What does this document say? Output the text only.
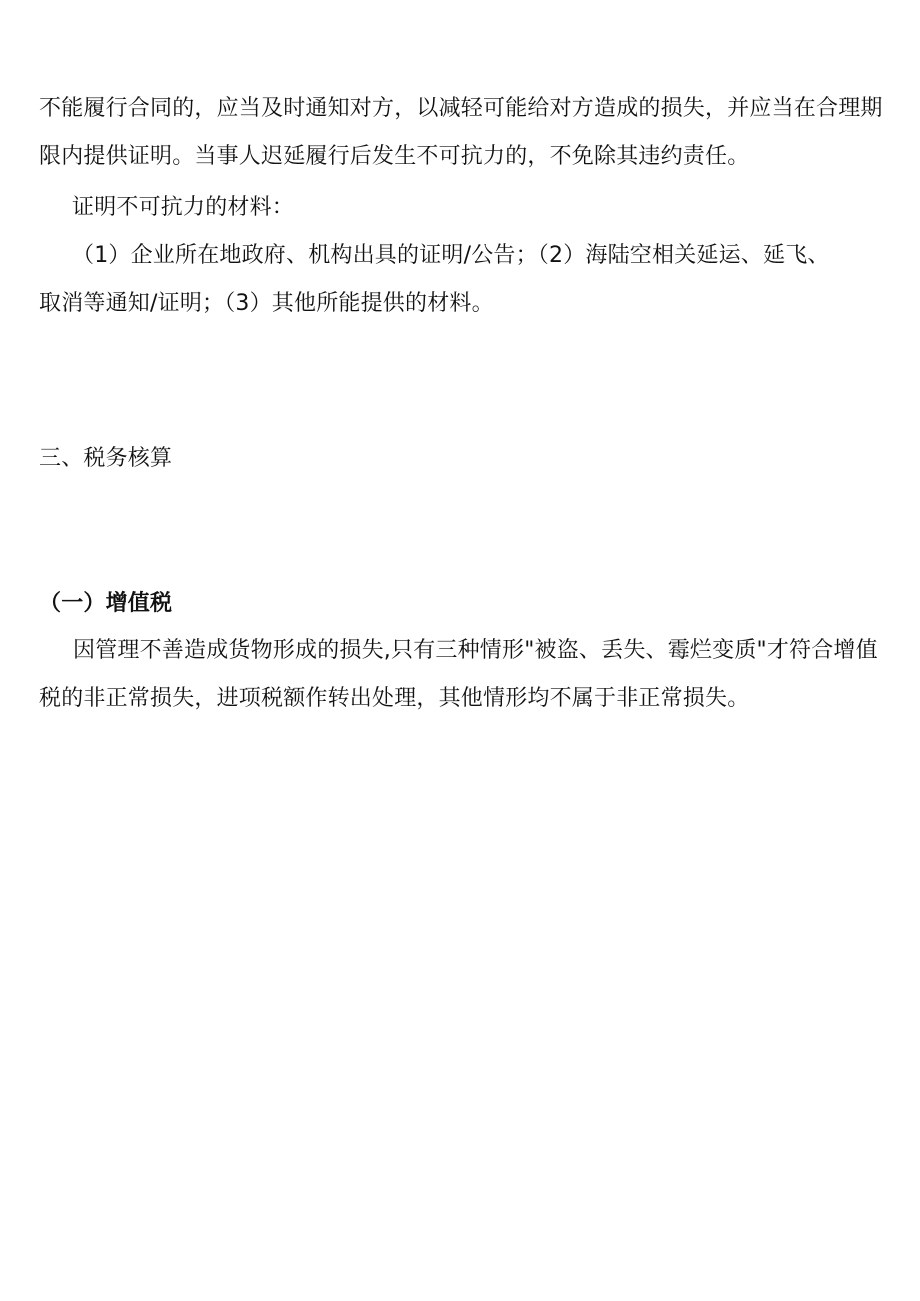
不能履行合同的，应当及时通知对方，以减轻可能给对方造成的损失，并应当在合理期
限内提供证明。当事人迟延履行后发生不可抗力的，不免除其违约责任。
证明不可抗力的材料：
（1）企业所在地政府、机构出具的证明/公告；（2）海陆空相关延运、延飞、
取消等通知/证明；（3）其他所能提供的材料。
三、税务核算
（一）增值税
因管理不善造成货物形成的损失,只有三种情形"被盗、丢失、霉烂变质"才符合增值
税的非正常损失，进项税额作转出处理，其他情形均不属于非正常损失。
